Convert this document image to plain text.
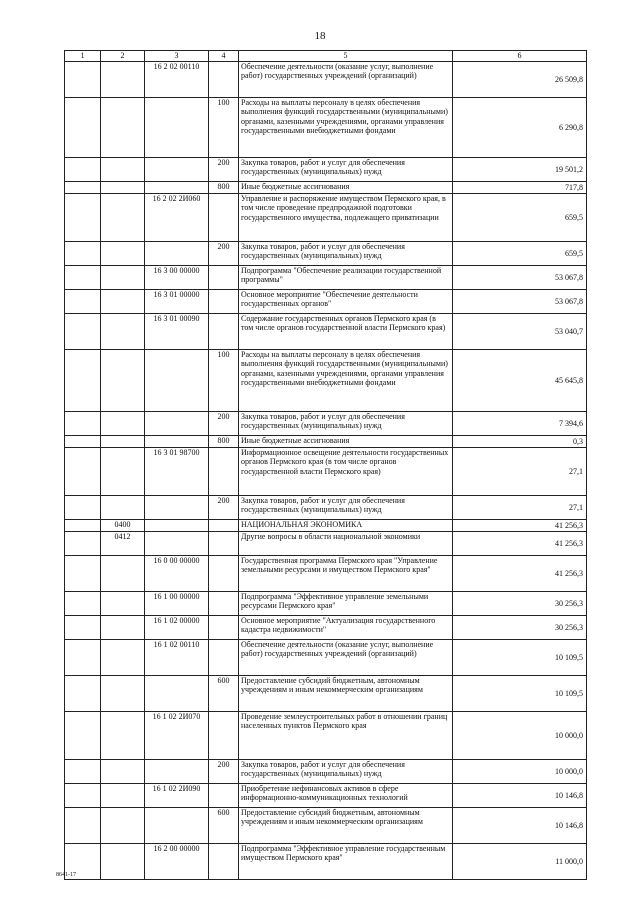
18
1	2	3	4	5	6
		16 2 02 00110		Обеспечение деятельности (оказание услуг, выполнение работ) государственных учреждений (организаций)	26 509,8
			100	Расходы на выплаты персоналу в целях обеспечения выполнения функций государственными (муниципальными) органами, казенными учреждениями, органами управления государственными внебюджетными фондами	6 290,8
			200	Закупка товаров, работ и услуг для обеспечения государственных (муниципальных) нужд	19 501,2
			800	Иные бюджетные ассигнования	717,8
		16 2 02 2И060		Управление и распоряжение имуществом Пермского края, в том числе проведение предпродажной подготовки государственного имущества, подлежащего приватизации	659,5
			200	Закупка товаров, работ и услуг для обеспечения государственных (муниципальных) нужд	659,5
		16 3 00 00000		Подпрограмма "Обеспечение реализации государственной программы"	53 067,8
		16 3 01 00000		Основное мероприятие "Обеспечение деятельности государственных органов"	53 067,8
		16 3 01 00090		Содержание государственных органов Пермского края (в том числе органов государственной власти Пермского края)	53 040,7
			100	Расходы на выплаты персоналу в целях обеспечения выполнения функций государственными (муниципальными) органами, казенными учреждениями, органами управления государственными внебюджетными фондами	45 645,8
			200	Закупка товаров, работ и услуг для обеспечения государственных (муниципальных) нужд	7 394,6
			800	Иные бюджетные ассигнования	0,3
		16 3 01 98700		Информационное освещение деятельности государственных органов Пермского края (в том числе органов государственной власти Пермского края)	27,1
			200	Закупка товаров, работ и услуг для обеспечения государственных (муниципальных) нужд	27,1
	0400			НАЦИОНАЛЬНАЯ ЭКОНОМИКА	41 256,3
	0412			Другие вопросы в области национальной экономики	41 256,3
		16 0 00 00000		Государственная программа Пермского края "Управление земельными ресурсами и имуществом Пермского края"	41 256,3
		16 1 00 00000		Подпрограмма "Эффективное управление земельными ресурсами Пермского края"	30 256,3
		16 1 02 00000		Основное мероприятие "Актуализация государственного кадастра недвижимости"	30 256,3
		16 1 02 00110		Обеспечение деятельности (оказание услуг, выполнение работ) государственных учреждений (организаций)	10 109,5
			600	Предоставление субсидий бюджетным, автономным учреждениям и иным некоммерческим организациям	10 109,5
		16 1 02 2И070		Проведение землеустроительных работ в отношении границ населенных пунктов Пермского края	10 000,0
			200	Закупка товаров, работ и услуг для обеспечения государственных (муниципальных) нужд	10 000,0
		16 1 02 2И090		Приобретение нефинансовых активов в сфере информационно-коммуникационных технологий	10 146,8
			600	Предоставление субсидий бюджетным, автономным учреждениям и иным некоммерческим организациям	10 146,8
		16 2 00 00000		Подпрограмма "Эффективное управление государственным имуществом Пермского края"	11 000,0
8641-17
